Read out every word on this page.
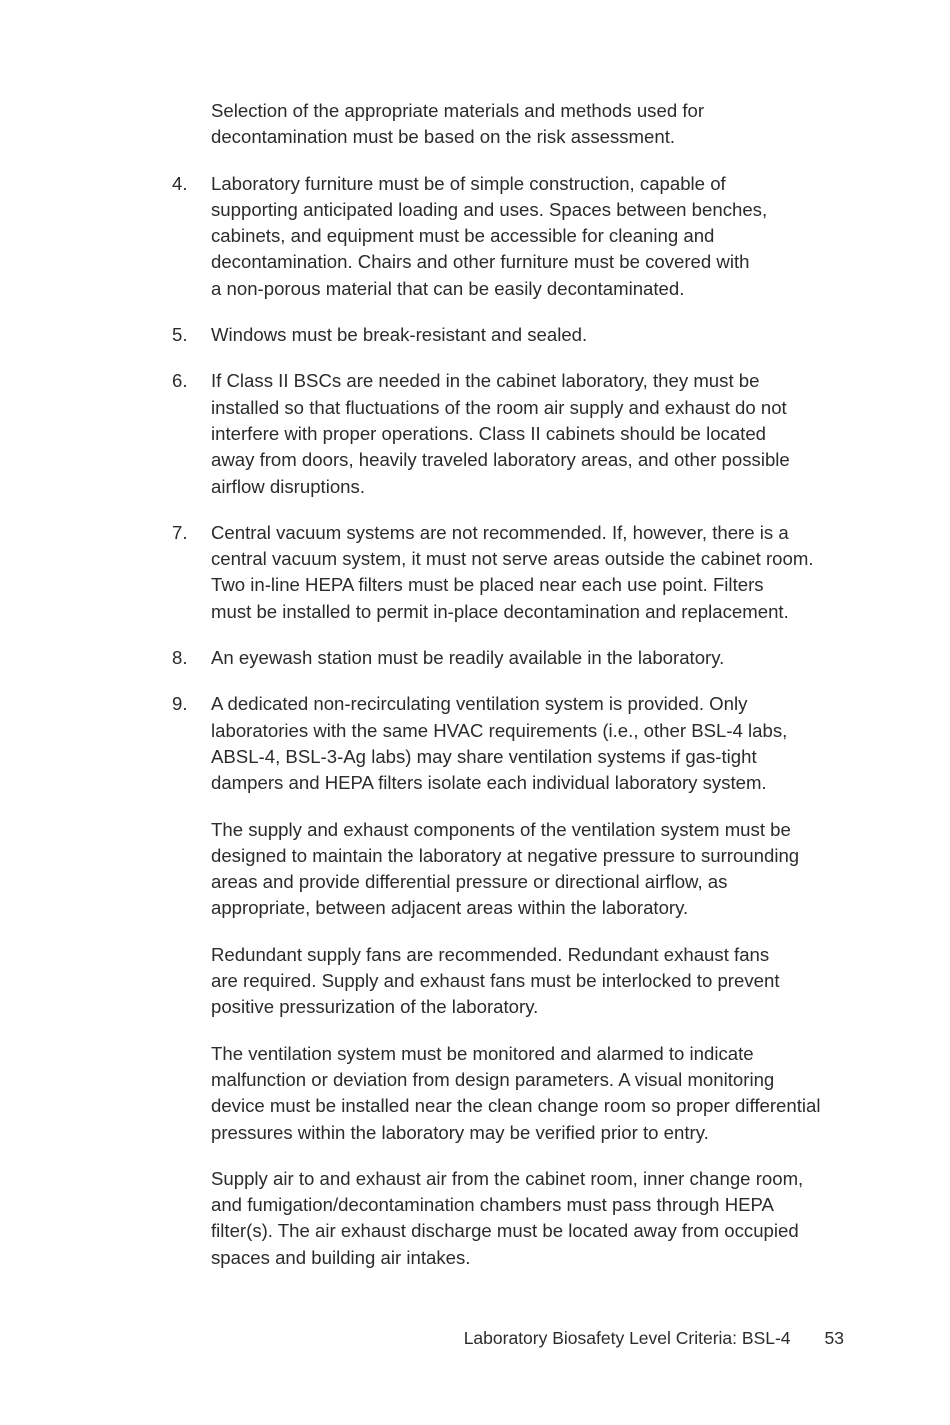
Selection of the appropriate materials and methods used for
decontamination must be based on the risk assessment.

4.	Laboratory furniture must be of simple construction, capable of
supporting anticipated loading and uses. Spaces between benches,
cabinets, and equipment must be accessible for cleaning and
decontamination. Chairs and other furniture must be covered with
a non-porous material that can be easily decontaminated.
5.	Windows must be break-resistant and sealed.
6.	If Class II BSCs are needed in the cabinet laboratory, they must be
installed so that fluctuations of the room air supply and exhaust do not
interfere with proper operations. Class II cabinets should be located
away from doors, heavily traveled laboratory areas, and other possible
airflow disruptions.
7.	Central vacuum systems are not recommended. If, however, there is a
central vacuum system, it must not serve areas outside the cabinet room.
Two in-line HEPA filters must be placed near each use point. Filters
must be installed to permit in-place decontamination and replacement.
8.	An eyewash station must be readily available in the laboratory.
9.	A dedicated non-recirculating ventilation system is provided. Only
laboratories with the same HVAC requirements (i.e., other BSL-4 labs,
ABSL-4, BSL-3-Ag labs) may share ventilation systems if gas-tight
dampers and HEPA filters isolate each individual laboratory system.

The supply and exhaust components of the ventilation system must be
designed to maintain the laboratory at negative pressure to surrounding
areas and provide differential pressure or directional airflow, as
appropriate, between adjacent areas within the laboratory.

Redundant supply fans are recommended. Redundant exhaust fans
are required. Supply and exhaust fans must be interlocked to prevent
positive pressurization of the laboratory.

The ventilation system must be monitored and alarmed to indicate
malfunction or deviation from design parameters. A visual monitoring
device must be installed near the clean change room so proper differential
pressures within the laboratory may be verified prior to entry.

Supply air to and exhaust air from the cabinet room, inner change room,
and fumigation/decontamination chambers must pass through HEPA
filter(s). The air exhaust discharge must be located away from occupied
spaces and building air intakes.

Laboratory Biosafety Level Criteria: BSL-4 53
